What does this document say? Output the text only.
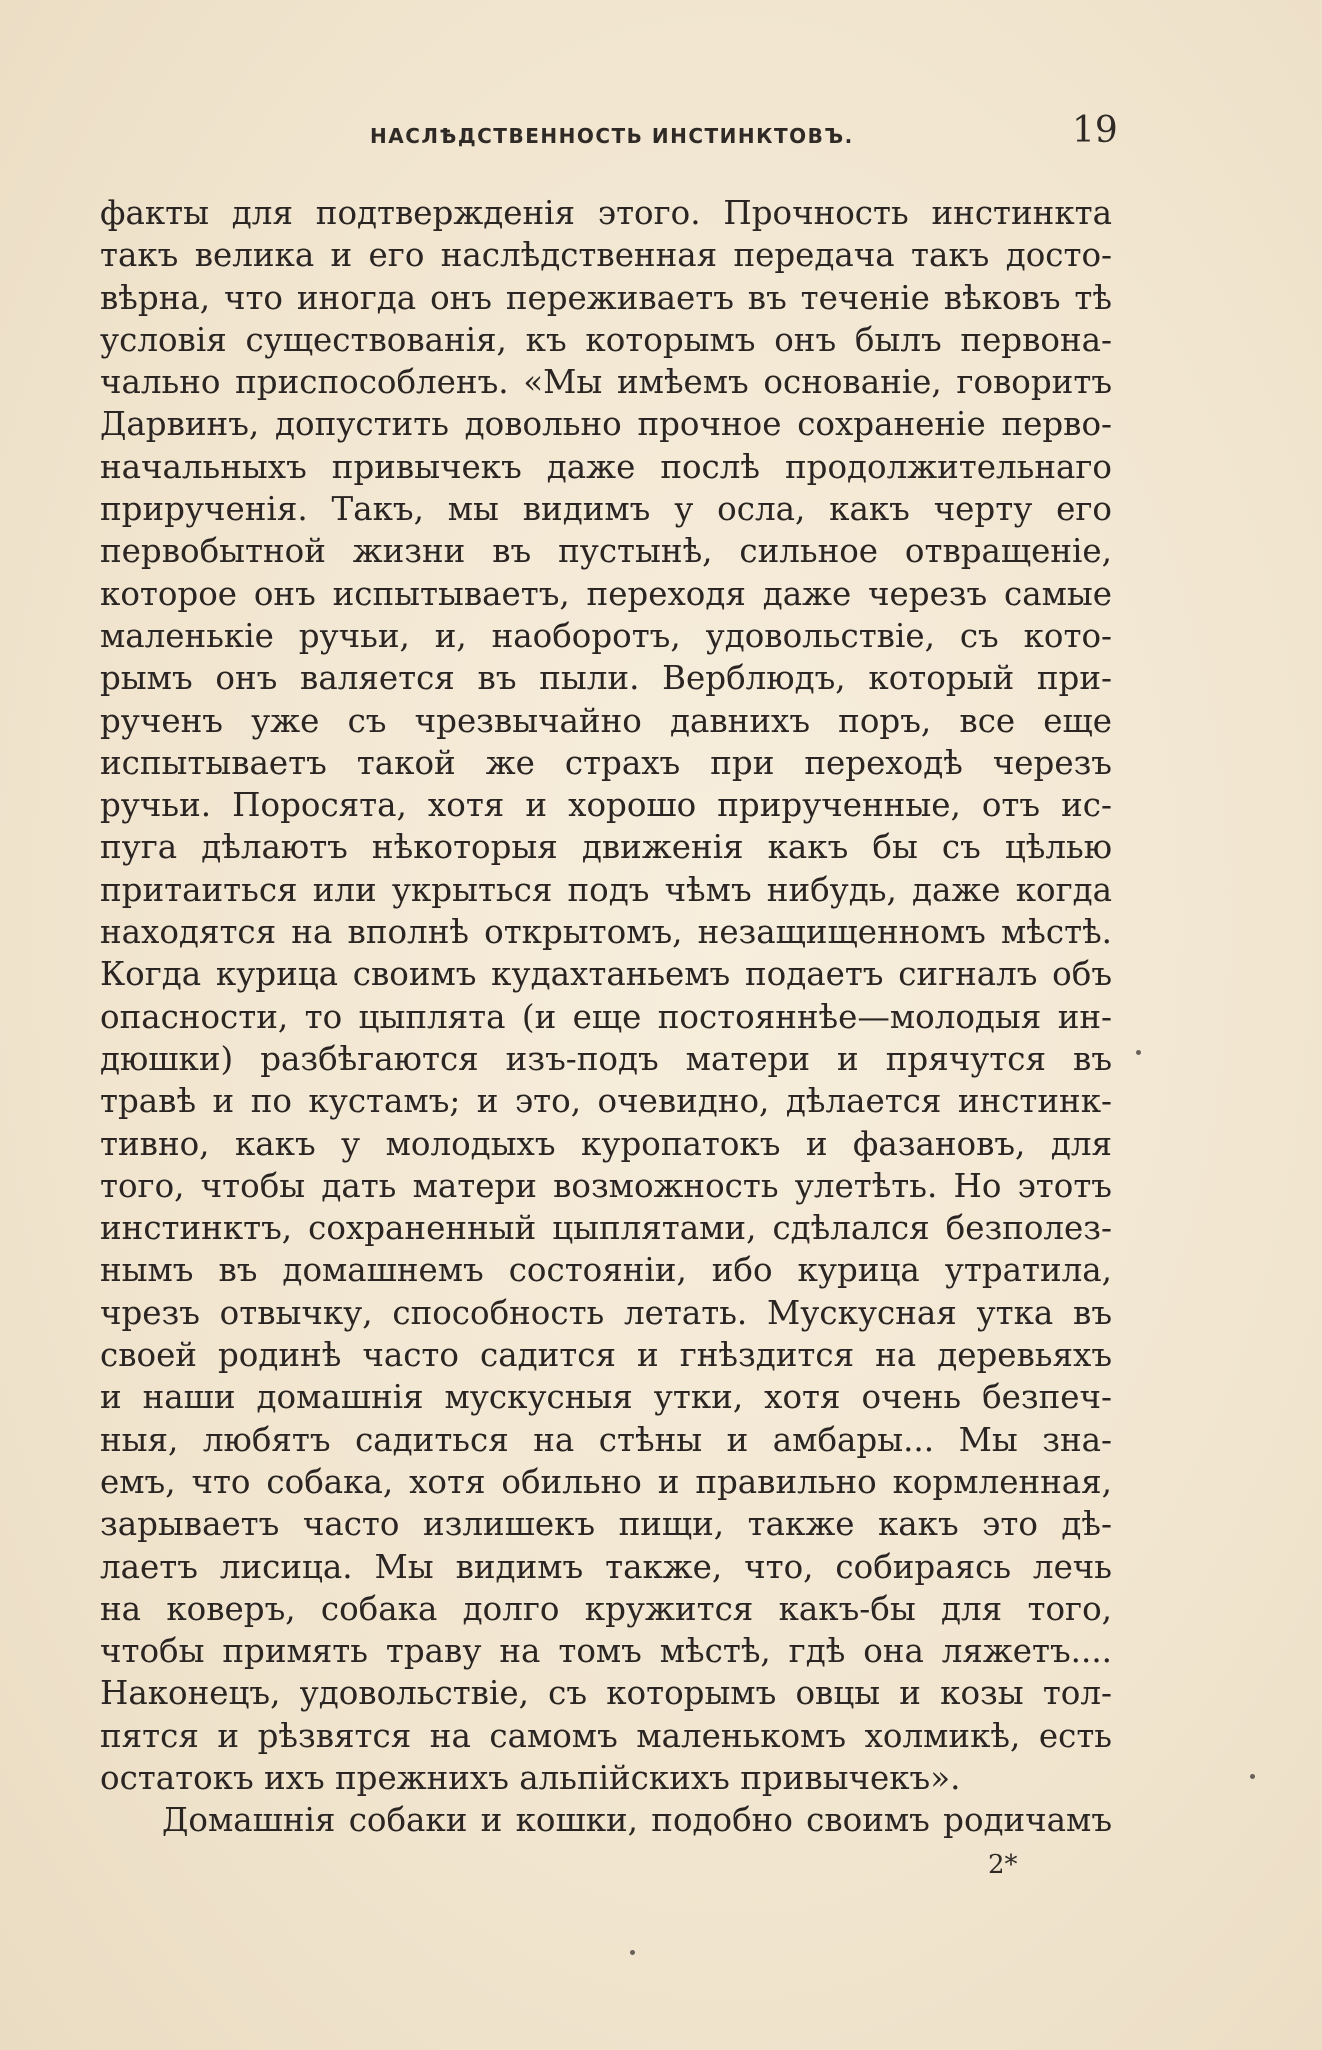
НАСЛѢДСТВЕННОСТЬ ИНСТИНКТОВЪ.	19
факты для подтвержденія этого. Прочность инстинкта
такъ велика и его наслѣдственная передача такъ досто-
вѣрна, что иногда онъ переживаетъ въ теченіе вѣковъ тѣ
условія существованія, къ которымъ онъ былъ первона-
чально приспособленъ. «Мы имѣемъ основаніе, говоритъ
Дарвинъ, допустить довольно прочное сохраненіе перво-
начальныхъ привычекъ даже послѣ продолжительнаго
прирученія. Такъ, мы видимъ у осла, какъ черту его
первобытной жизни въ пустынѣ, сильное отвращеніе,
которое онъ испытываетъ, переходя даже черезъ самые
маленькіе ручьи, и, наоборотъ, удовольствіе, съ кото-
рымъ онъ валяется въ пыли. Верблюдъ, который при-
рученъ уже съ чрезвычайно давнихъ поръ, все еще
испытываетъ такой же страхъ при переходѣ черезъ
ручьи. Поросята, хотя и хорошо прирученные, отъ ис-
пуга дѣлаютъ нѣкоторыя движенія какъ бы съ цѣлью
притаиться или укрыться подъ чѣмъ нибудь, даже когда
находятся на вполнѣ открытомъ, незащищенномъ мѣстѣ.
Когда курица своимъ кудахтаньемъ подаетъ сигналъ объ
опасности, то цыплята (и еще постояннѣе—молодыя ин-
дюшки) разбѣгаются изъ-подъ матери и прячутся въ
травѣ и по кустамъ; и это, очевидно, дѣлается инстинк-
тивно, какъ у молодыхъ куропатокъ и фазановъ, для
того, чтобы дать матери возможность улетѣть. Но этотъ
инстинктъ, сохраненный цыплятами, сдѣлался безполез-
нымъ въ домашнемъ состояніи, ибо курица утратила,
чрезъ отвычку, способность летать. Мускусная утка въ
своей родинѣ часто садится и гнѣздится на деревьяхъ
и наши домашнія мускусныя утки, хотя очень безпеч-
ныя, любятъ садиться на стѣны и амбары... Мы зна-
емъ, что собака, хотя обильно и правильно кормленная,
зарываетъ часто излишекъ пищи, также какъ это дѣ-
лаетъ лисица. Мы видимъ также, что, собираясь лечь
на коверъ, собака долго кружится какъ-бы для того,
чтобы примять траву на томъ мѣстѣ, гдѣ она ляжетъ....
Наконецъ, удовольствіе, съ которымъ овцы и козы тол-
пятся и рѣзвятся на самомъ маленькомъ холмикѣ, есть
остатокъ ихъ прежнихъ альпійскихъ привычекъ».
Домашнія собаки и кошки, подобно своимъ родичамъ
2*
